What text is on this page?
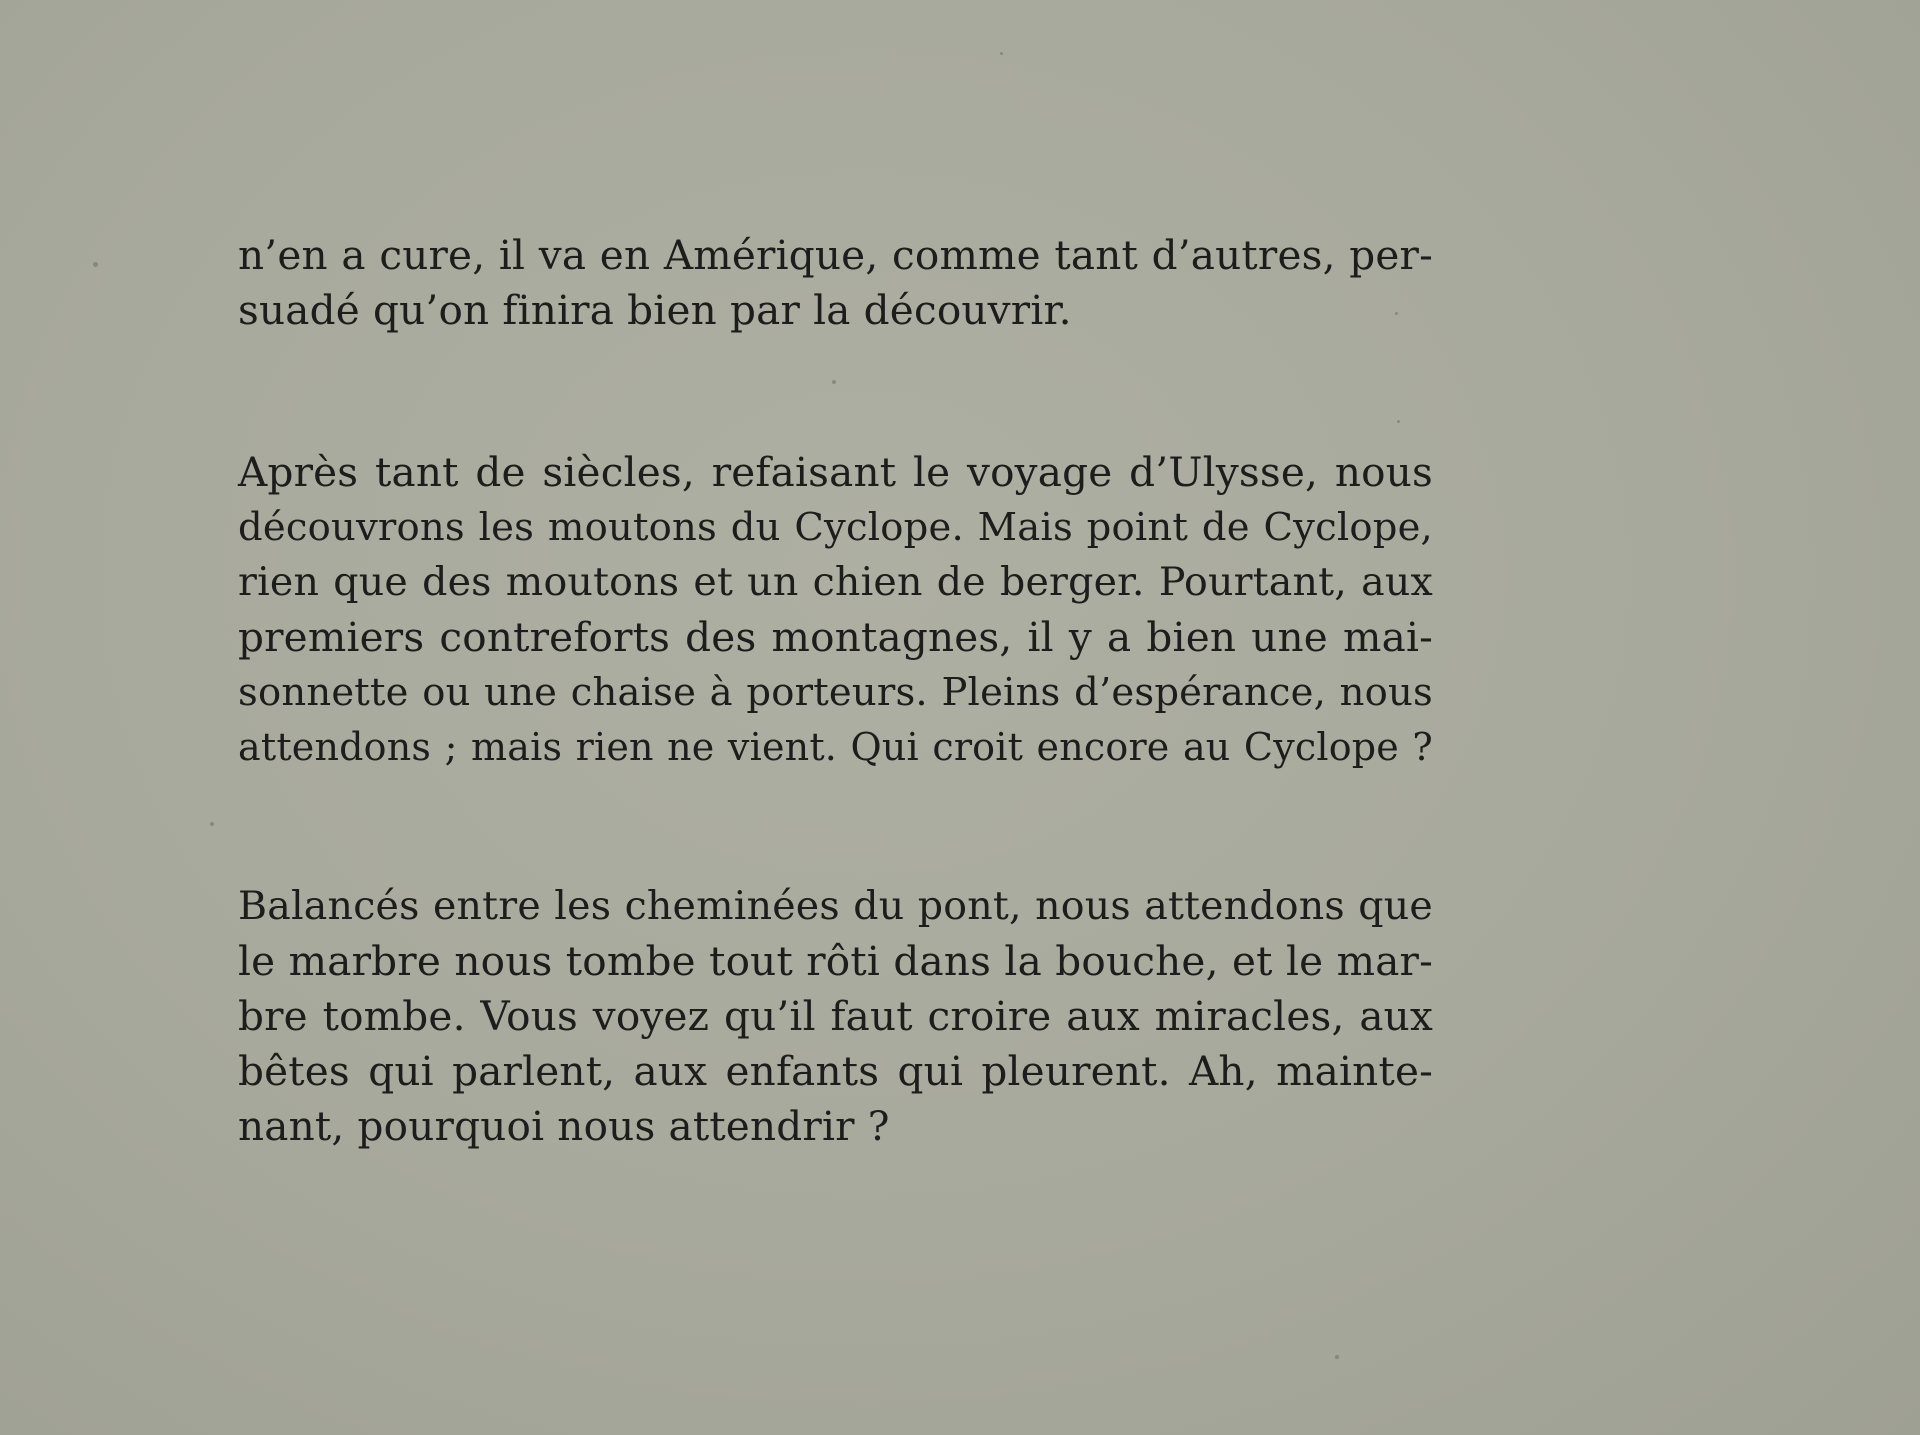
n’en a cure, il va en Amérique, comme tant d’autres, per-
suadé qu’on finira bien par la découvrir.
Après tant de siècles, refaisant le voyage d’Ulysse, nous
découvrons les moutons du Cyclope. Mais point de Cyclope,
rien que des moutons et un chien de berger. Pourtant, aux
premiers contreforts des montagnes, il y a bien une mai-
sonnette ou une chaise à porteurs. Pleins d’espérance, nous
attendons ; mais rien ne vient. Qui croit encore au Cyclope ?
Balancés entre les cheminées du pont, nous attendons que
le marbre nous tombe tout rôti dans la bouche, et le mar-
bre tombe. Vous voyez qu’il faut croire aux miracles, aux
bêtes qui parlent, aux enfants qui pleurent. Ah, mainte-
nant, pourquoi nous attendrir ?
